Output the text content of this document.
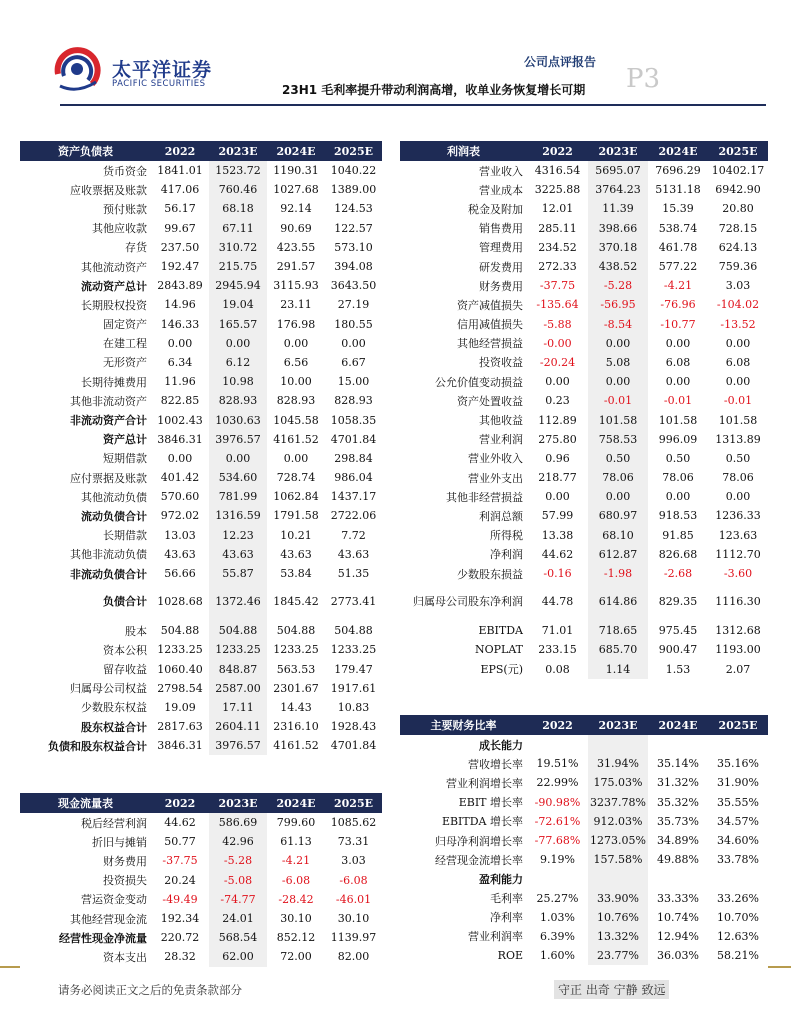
太平洋证券
PACIFIC SECURITIES
公司点评报告
P3
23H1 毛利率提升带动利润高增，收单业务恢复增长可期
资产负债表	2022	2023E	2024E	2025E
货币资金	1841.01	1523.72	1190.31	1040.22
应收票据及账款	417.06	760.46	1027.68	1389.00
预付账款	56.17	68.18	92.14	124.53
其他应收款	99.67	67.11	90.69	122.57
存货	237.50	310.72	423.55	573.10
其他流动资产	192.47	215.75	291.57	394.08
流动资产总计	2843.89	2945.94	3115.93	3643.50
长期股权投资	14.96	19.04	23.11	27.19
固定资产	146.33	165.57	176.98	180.55
在建工程	0.00	0.00	0.00	0.00
无形资产	6.34	6.12	6.56	6.67
长期待摊费用	11.96	10.98	10.00	15.00
其他非流动资产	822.85	828.93	828.93	828.93
非流动资产合计	1002.43	1030.63	1045.58	1058.35
资产总计	3846.31	3976.57	4161.52	4701.84
短期借款	0.00	0.00	0.00	298.84
应付票据及账款	401.42	534.60	728.74	986.04
其他流动负债	570.60	781.99	1062.84	1437.17
流动负债合计	972.02	1316.59	1791.58	2722.06
长期借款	13.03	12.23	10.21	7.72
其他非流动负债	43.63	43.63	43.63	43.63
非流动负债合计	56.66	55.87	53.84	51.35
负债合计	1028.68	1372.46	1845.42	2773.41
股本	504.88	504.88	504.88	504.88
资本公积	1233.25	1233.25	1233.25	1233.25
留存收益	1060.40	848.87	563.53	179.47
归属母公司权益	2798.54	2587.00	2301.67	1917.61
少数股东权益	19.09	17.11	14.43	10.83
股东权益合计	2817.63	2604.11	2316.10	1928.43
负债和股东权益合计	3846.31	3976.57	4161.52	4701.84
利润表	2022	2023E	2024E	2025E
营业收入	4316.54	5695.07	7696.29	10402.17
营业成本	3225.88	3764.23	5131.18	6942.90
税金及附加	12.01	11.39	15.39	20.80
销售费用	285.11	398.66	538.74	728.15
管理费用	234.52	370.18	461.78	624.13
研发费用	272.33	438.52	577.22	759.36
财务费用	-37.75	-5.28	-4.21	3.03
资产减值损失	-135.64	-56.95	-76.96	-104.02
信用减值损失	-5.88	-8.54	-10.77	-13.52
其他经营损益	-0.00	0.00	0.00	0.00
投资收益	-20.24	5.08	6.08	6.08
公允价值变动损益	0.00	0.00	0.00	0.00
资产处置收益	0.23	-0.01	-0.01	-0.01
其他收益	112.89	101.58	101.58	101.58
营业利润	275.80	758.53	996.09	1313.89
营业外收入	0.96	0.50	0.50	0.50
营业外支出	218.77	78.06	78.06	78.06
其他非经营损益	0.00	0.00	0.00	0.00
利润总额	57.99	680.97	918.53	1236.33
所得税	13.38	68.10	91.85	123.63
净利润	44.62	612.87	826.68	1112.70
少数股东损益	-0.16	-1.98	-2.68	-3.60
归属母公司股东净利润	44.78	614.86	829.35	1116.30
EBITDA	71.01	718.65	975.45	1312.68
NOPLAT	233.15	685.70	900.47	1193.00
EPS(元)	0.08	1.14	1.53	2.07
现金流量表	2022	2023E	2024E	2025E
税后经营利润	44.62	586.69	799.60	1085.62
折旧与摊销	50.77	42.96	61.13	73.31
财务费用	-37.75	-5.28	-4.21	3.03
投资损失	20.24	-5.08	-6.08	-6.08
营运资金变动	-49.49	-74.77	-28.42	-46.01
其他经营现金流	192.34	24.01	30.10	30.10
经营性现金净流量	220.72	568.54	852.12	1139.97
资本支出	28.32	62.00	72.00	82.00
主要财务比率	2022	2023E	2024E	2025E
成长能力				
营收增长率	19.51%	31.94%	35.14%	35.16%
营业利润增长率	22.99%	175.03%	31.32%	31.90%
EBIT 增长率	-90.98%	3237.78%	35.32%	35.55%
EBITDA 增长率	-72.61%	912.03%	35.73%	34.57%
归母净利润增长率	-77.68%	1273.05%	34.89%	34.60%
经营现金流增长率	9.19%	157.58%	49.88%	33.78%
盈利能力				
毛利率	25.27%	33.90%	33.33%	33.26%
净利率	1.03%	10.76%	10.74%	10.70%
营业利润率	6.39%	13.32%	12.94%	12.63%
ROE	1.60%	23.77%	36.03%	58.21%
请务必阅读正文之后的免责条款部分	守正 出奇 宁静 致远
